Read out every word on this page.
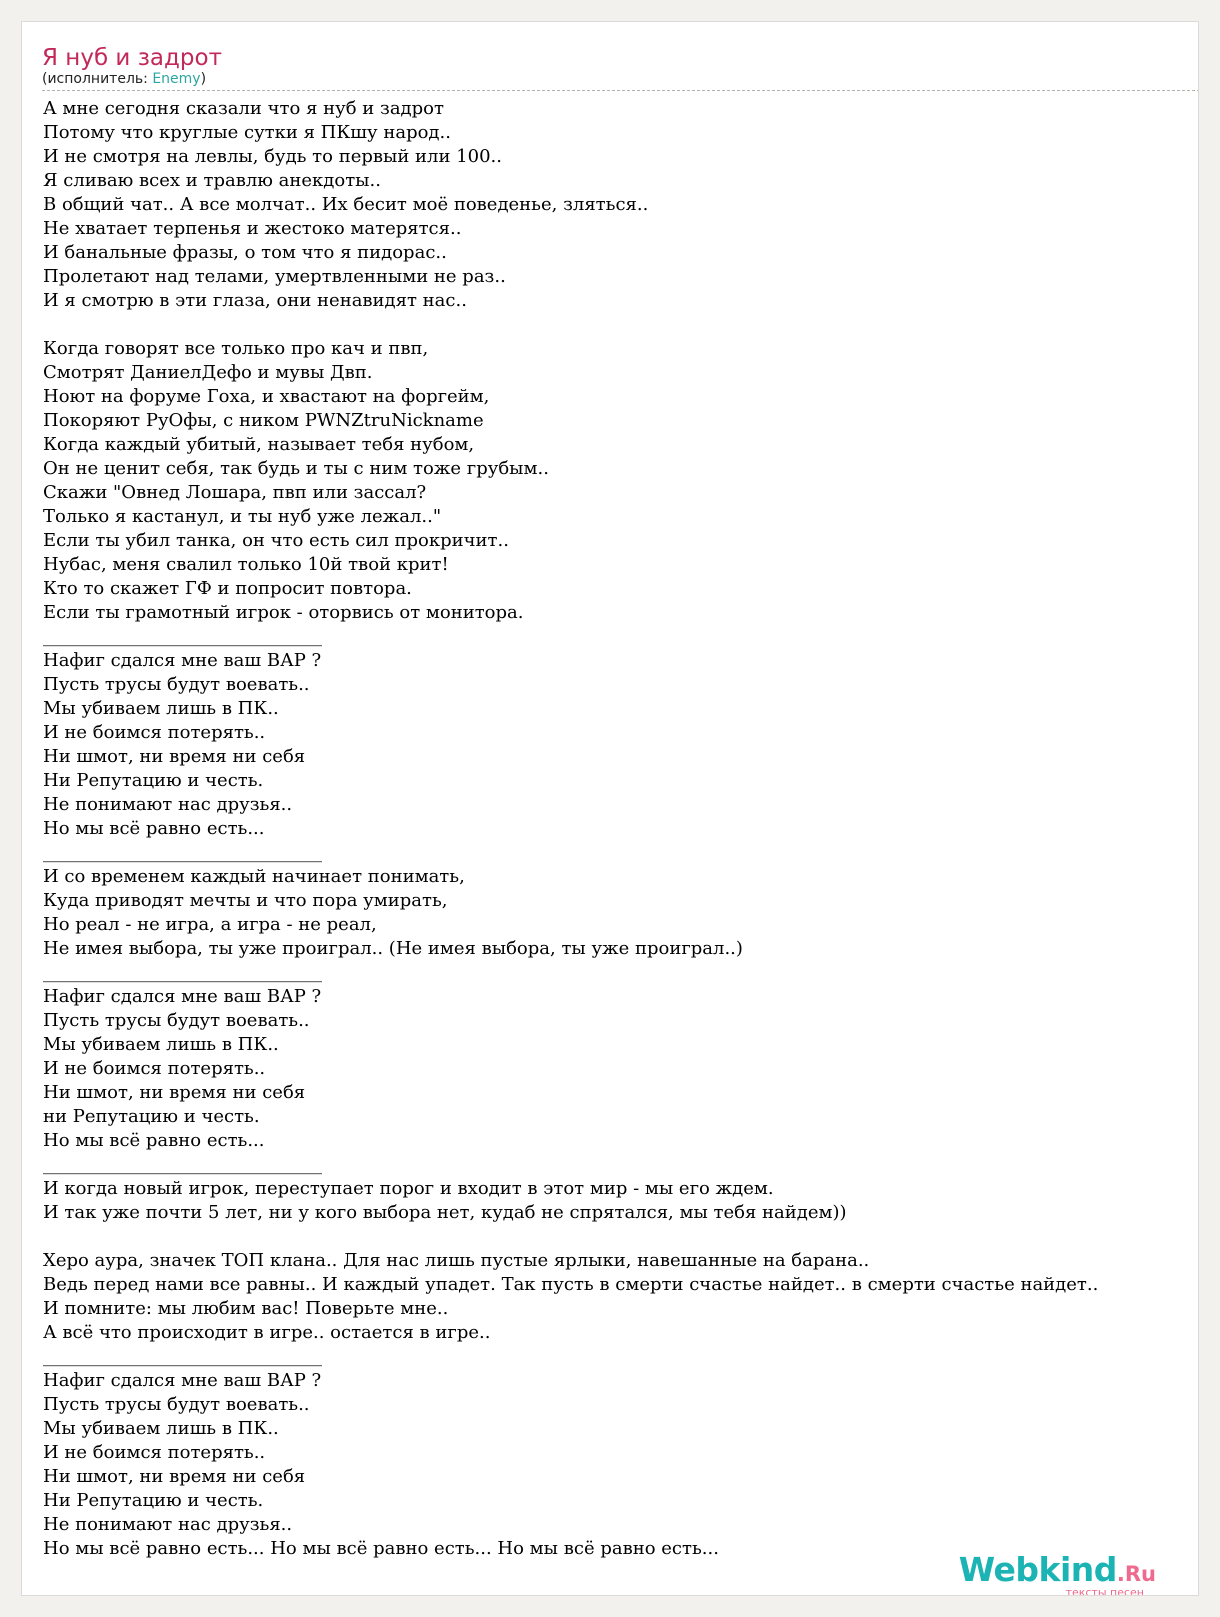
Я нуб и задрот
(исполнитель: Enemy)
А мне сегодня сказали что я нуб и задрот
Потому что круглые сутки я ПКшу народ..
И не смотря на левлы, будь то первый или 100..
Я сливаю всех и травлю анекдоты..
В общий чат.. А все молчат.. Их бесит моё поведенье, зляться..
Не хватает терпенья и жестоко матерятся..
И банальные фразы, о том что я пидорас..
Пролетают над телами, умертвленными не раз..
И я смотрю в эти глаза, они ненавидят нас..
Когда говорят все только про кач и пвп,
Смотрят ДаниелДефо и мувы Двп.
Ноют на форуме Гоха, и хвастают на форгейм,
Покоряют РуОфы, с ником PWNZtruNickname
Когда каждый убитый, называет тебя нубом,
Он не ценит себя, так будь и ты с ним тоже грубым..
Скажи "Овнед Лошара, пвп или зассал?
Только я кастанул, и ты нуб уже лежал.."
Если ты убил танка, он что есть сил прокричит..
Нубас, меня свалил только 10й твой крит!
Кто то скажет ГФ и попросит повтора.
Если ты грамотный игрок - оторвись от монитора.
_______________________________
Нафиг сдался мне ваш ВАР ?
Пусть трусы будут воевать..
Мы убиваем лишь в ПК..
И не боимся потерять..
Ни шмот, ни время ни себя
Ни Репутацию и честь.
Не понимают нас друзья..
Но мы всё равно есть...
_______________________________
И со временем каждый начинает понимать,
Куда приводят мечты и что пора умирать,
Но реал - не игра, а игра - не реал,
Не имея выбора, ты уже проиграл.. (Не имея выбора, ты уже проиграл..)
_______________________________
Нафиг сдался мне ваш ВАР ?
Пусть трусы будут воевать..
Мы убиваем лишь в ПК..
И не боимся потерять..
Ни шмот, ни время ни себя
ни Репутацию и честь.
Но мы всё равно есть...
_______________________________
И когда новый игрок, переступает порог и входит в этот мир - мы его ждем.
И так уже почти 5 лет, ни у кого выбора нет, кудаб не спрятался, мы тебя найдем))
Херо аура, значек ТОП клана.. Для нас лишь пустые ярлыки, навешанные на барана..
Ведь перед нами все равны.. И каждый упадет. Так пусть в смерти счастье найдет.. в смерти счастье найдет..
И помните: мы любим вас! Поверьте мне..
А всё что происходит в игре.. остается в игре..
_______________________________
Нафиг сдался мне ваш ВАР ?
Пусть трусы будут воевать..
Мы убиваем лишь в ПК..
И не боимся потерять..
Ни шмот, ни время ни себя
Ни Репутацию и честь.
Не понимают нас друзья..
Но мы всё равно есть... Но мы всё равно есть... Но мы всё равно есть...
Webkind.Ru
тексты песен
